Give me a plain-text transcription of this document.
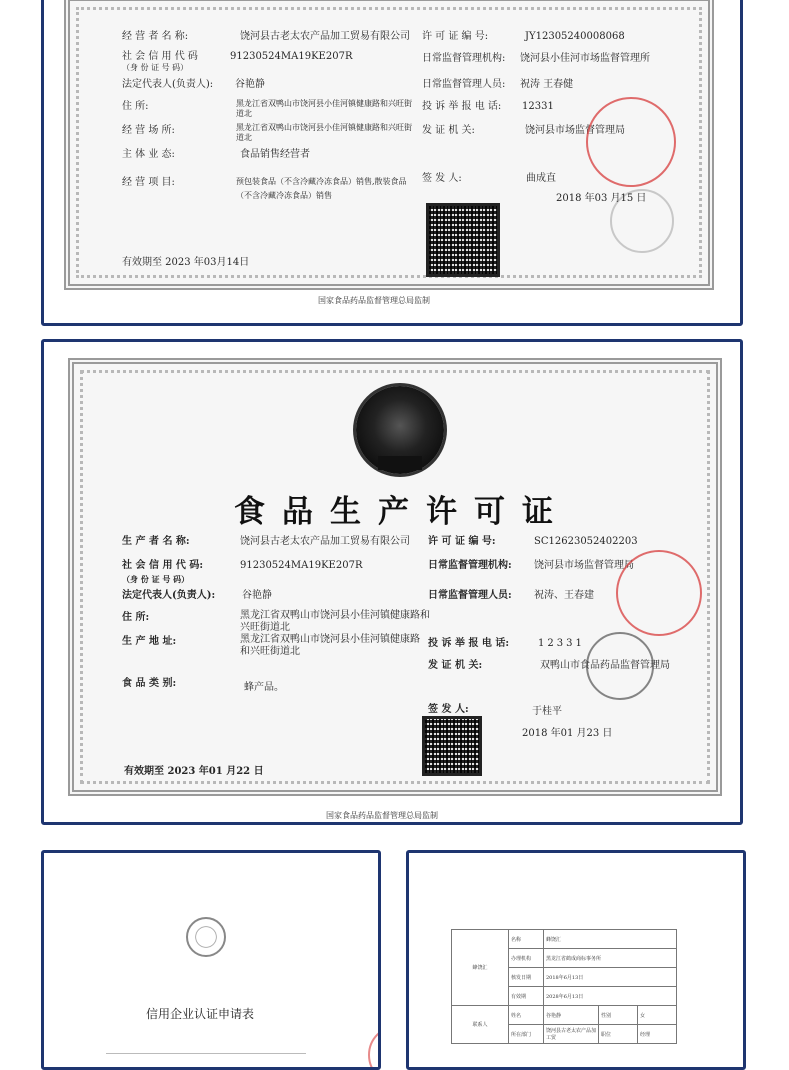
经 营 者 名 称:	饶河县古老太农产品加工贸易有限公司
社 会 信 用 代 码	91230524MA19KE207R
（身 份 证 号 码）
法定代表人(负责人): 谷艳静
住 所:	黑龙江省双鸭山市饶河县小佳河镇健康路和兴旺街道北
经 营 场 所:	黑龙江省双鸭山市饶河县小佳河镇健康路和兴旺街道北
主 体 业 态:	食品销售经营者
经 营 项 目:	预包装食品（不含冷藏冷冻食品）销售,散装食品（不含冷藏冷冻食品）销售
许 可 证 编 号:	JY12305240008068
日常监督管理机构: 饶河县小佳河市场监督管理所
日常监督管理人员: 祝涛 王春健
投 诉 举 报 电 话: 12331
发 证 机 关:	饶河县市场监督管理局
签 发 人:	曲成直
2018 年03 月15 日
有效期至 2023 年03月14日
国家食品药品监督管理总局监制
食品生产许可证
生 产 者 名 称:	饶河县古老太农产品加工贸易有限公司
社 会 信 用 代 码:	91230524MA19KE207R
（身 份 证 号 码）
法定代表人(负责人):	谷艳静
住 所:	黑龙江省双鸭山市饶河县小佳河镇健康路和兴旺街道北
生 产 地 址:	黑龙江省双鸭山市饶河县小佳河镇健康路和兴旺街道北
食 品 类 别:	蜂产品。
许 可 证 编 号:	SC12623052402203
日常监督管理机构: 饶河县市场监督管理局
日常监督管理人员: 祝涛、王春建
投 诉 举 报 电 话:	12331
发 证 机 关:	双鸭山市食品药品监督管理局
签 发 人:	于桂平
2018 年01 月23 日
有效期至 2023 年01 月22 日
国家食品药品监督管理总局监制
信用企业认证申请表
蜂饶汇	名称	蜂饶汇		
	办理机构	黑龙江省鹤成商标事务所		
	核发日期	2018年6月13日		
	有效期	2028年6月13日		
联系人	姓名	谷艳静	性别	女
	所在部门	饶河县古老太农产品加工贸	职位	经理
